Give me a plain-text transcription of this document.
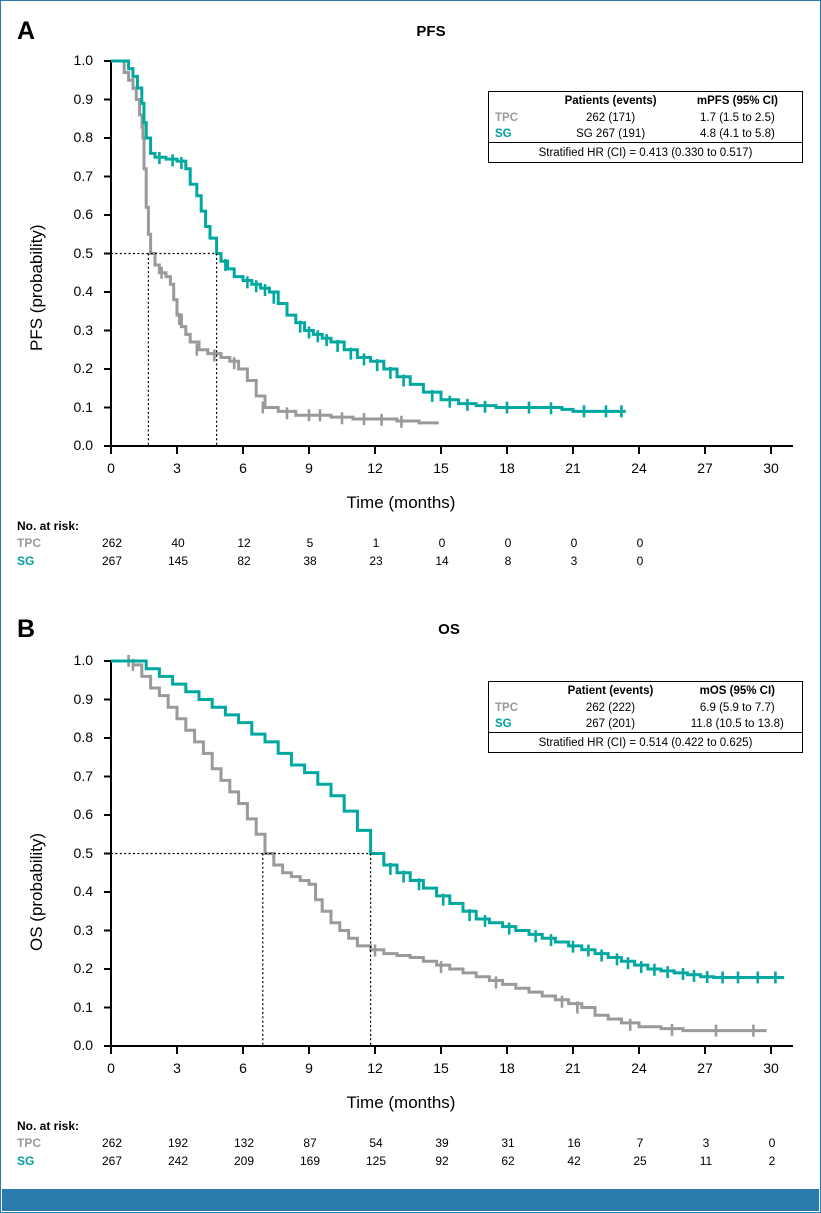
A	PFS
PFS (probability)
Time (months)
0.0
0.1
0.2
0.3
0.4
0.5
0.6
0.7
0.8
0.9
1.0
0	3	6	9	12	15	18	21	24	27	30
	Patients (events)	mPFS (95% CI)
TPC	262 (171)	1.7 (1.5 to 2.5)
SG	SG 267 (191)	4.8 (4.1 to 5.8)
Stratified HR (CI) = 0.413 (0.330 to 0.517)
No. at risk:
TPC	262	40	12	5	1	0	0	0	0
SG	267	145	82	38	23	14	8	3	0
B	OS
OS (probability)
Time (months)
0.0
0.1
0.2
0.3
0.4
0.5
0.6
0.7
0.8
0.9
1.0
0	3	6	9	12	15	18	21	24	27	30
	Patient (events)	mOS (95% CI)
TPC	262 (222)	6.9 (5.9 to 7.7)
SG	267 (201)	11.8 (10.5 to 13.8)
Stratified HR (CI) = 0.514 (0.422 to 0.625)
No. at risk:
TPC	262	192	132	87	54	39	31	16	7	3	0
SG	267	242	209	169	125	92	62	42	25	11	2
